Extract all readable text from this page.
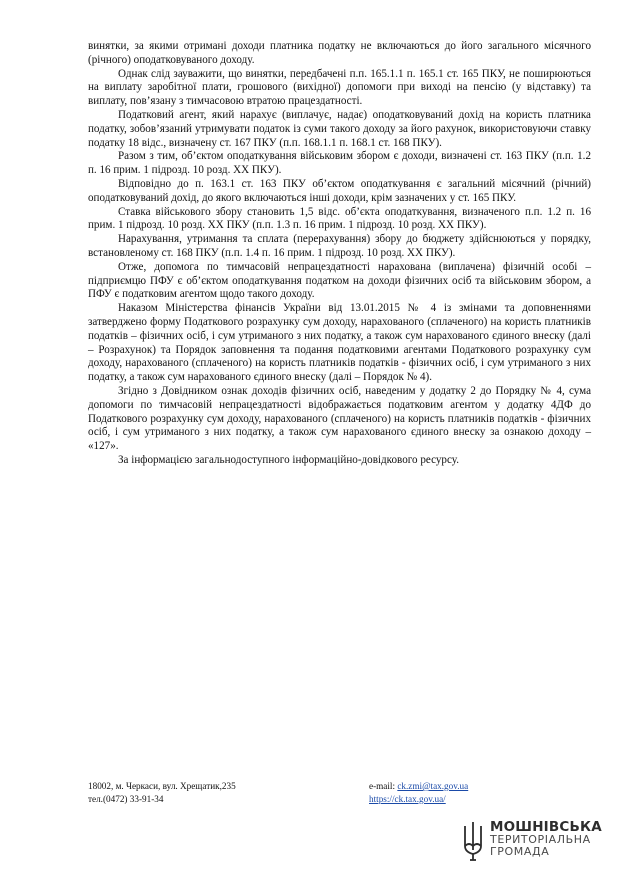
винятки, за якими отримані доходи платника податку не включаються до його загального місячного (річного) оподатковуваного доходу.

Однак слід зауважити, що винятки, передбачені п.п. 165.1.1 п. 165.1 ст. 165 ПКУ, не поширюються на виплату заробітної плати, грошового (вихідної) допомоги при виході на пенсію (у відставку) та виплату, пов’язану з тимчасовою втратою працездатності.

Податковий агент, який нарахує (виплачує, надає) оподатковуваний дохід на користь платника податку, зобов’язаний утримувати податок із суми такого доходу за його рахунок, використовуючи ставку податку 18 відс., визначену ст. 167 ПКУ (п.п. 168.1.1 п. 168.1 ст. 168 ПКУ).

Разом з тим, об’єктом оподаткування військовим збором є доходи, визначені ст. 163 ПКУ (п.п. 1.2 п. 16 прим. 1 підрозд. 10 розд. ХХ ПКУ).

Відповідно до п. 163.1 ст. 163 ПКУ об’єктом оподаткування є загальний місячний (річний) оподатковуваний дохід, до якого включаються інші доходи, крім зазначених у ст. 165 ПКУ.

Ставка військового збору становить 1,5 відс. об’єкта оподаткування, визначеного п.п. 1.2 п. 16 прим. 1 підрозд. 10 розд. ХХ ПКУ (п.п. 1.3 п. 16 прим. 1 підрозд. 10 розд. ХХ ПКУ).

Нарахування, утримання та сплата (перерахування) збору до бюджету здійснюються у порядку, встановленому ст. 168 ПКУ (п.п. 1.4 п. 16 прим. 1 підрозд. 10 розд. ХХ ПКУ).

Отже, допомога по тимчасовій непрацездатності нарахована (виплачена) фізичній особі – підприємцю ПФУ є об’єктом оподаткування податком на доходи фізичних осіб та військовим збором, а ПФУ є податковим агентом щодо такого доходу.

Наказом Міністерства фінансів України від 13.01.2015 № 4 із змінами та доповненнями затверджено форму Податкового розрахунку сум доходу, нарахованого (сплаченого) на користь платників податків – фізичних осіб, і сум утриманого з них податку, а також сум нарахованого єдиного внеску (далі – Розрахунок) та Порядок заповнення та подання податковими агентами Податкового розрахунку сум доходу, нарахованого (сплаченого) на користь платників податків - фізичних осіб, і сум утриманого з них податку, а також сум нарахованого єдиного внеску (далі – Порядок № 4).

Згідно з Довідником ознак доходів фізичних осіб, наведеним у додатку 2 до Порядку № 4, сума допомоги по тимчасовій непрацездатності відображається податковим агентом у додатку 4ДФ до Податкового розрахунку сум доходу, нарахованого (сплаченого) на користь платників податків - фізичних осіб, і сум утриманого з них податку, а також сум нарахованого єдиного внеску за ознакою доходу – «127».

За інформацією загальнодоступного інформаційно-довідкового ресурсу.

18002, м. Черкаси, вул. Хрещатик,235
тел.(0472) 33-91-34
e-mail: ck.zmi@tax.gov.ua
https://ck.tax.gov.ua/
МОШНІВСЬКА
ТЕРИТОРІАЛЬНА
ГРОМАДА
